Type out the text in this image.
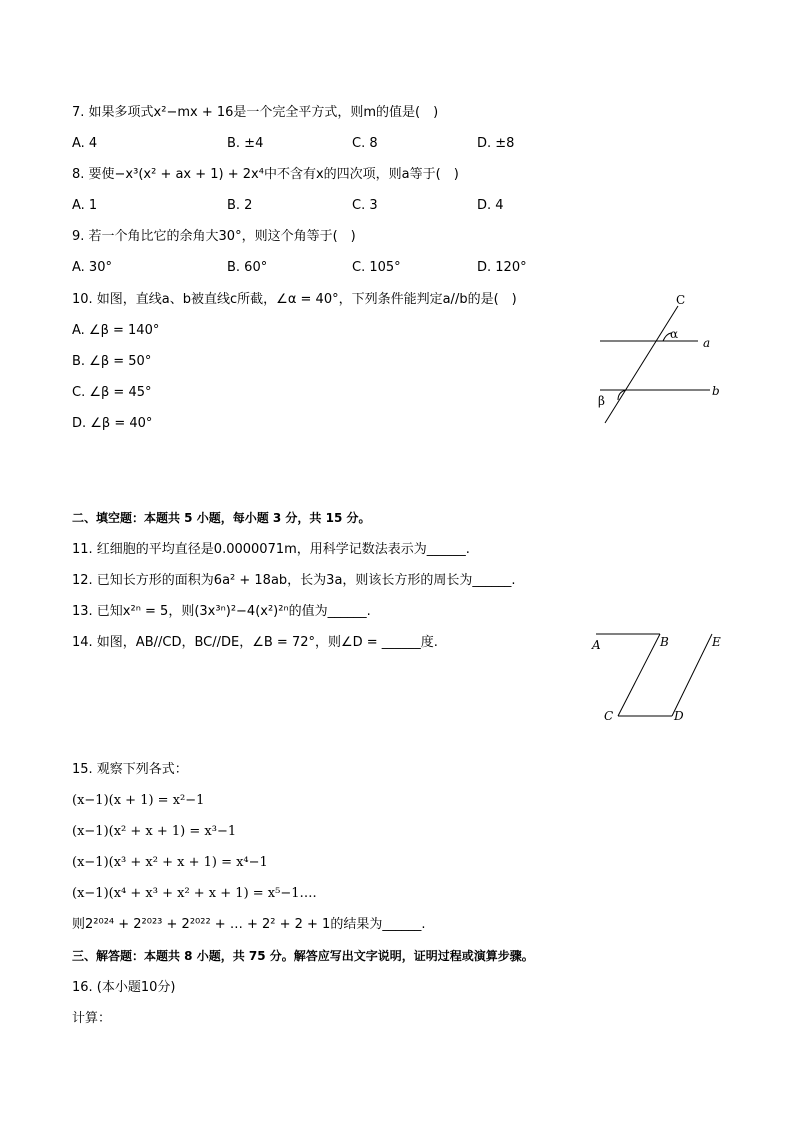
7. 如果多项式x²−mx + 16是一个完全平方式，则m的值是(　)
A. 4	B. ±4	C. 8	D. ±8
8. 要使−x³(x² + ax + 1) + 2x⁴中不含有x的四次项，则a等于(　)
A. 1	B. 2	C. 3	D. 4
9. 若一个角比它的余角大30°，则这个角等于(　)
A. 30°	B. 60°	C. 105°	D. 120°
10. 如图，直线a、b被直线c所截，∠α = 40°，下列条件能判定a//b的是(　)
A. ∠β = 140°
B. ∠β = 50°
C. ∠β = 45°
D. ∠β = 40°
C
α
a
b
β
二、填空题：本题共 5 小题，每小题 3 分，共 15 分。
11. 红细胞的平均直径是0.0000071m，用科学记数法表示为______.
12. 已知长方形的面积为6a² + 18ab，长为3a，则该长方形的周长为______.
13. 已知x²ⁿ = 5，则(3x³ⁿ)²−4(x²)²ⁿ的值为______.
14. 如图，AB//CD，BC//DE，∠B = 72°，则∠D = ______度.	A	B
C	D
E
15. 观察下列各式：
(x−1)(x + 1) = x²−1
(x−1)(x² + x + 1) = x³−1
(x−1)(x³ + x² + x + 1) = x⁴−1
(x−1)(x⁴ + x³ + x² + x + 1) = x⁵−1….
则2²⁰²⁴ + 2²⁰²³ + 2²⁰²² + … + 2² + 2 + 1的结果为______.
三、解答题：本题共 8 小题，共 75 分。解答应写出文字说明，证明过程或演算步骤。
16. (本小题10分)
计算：
